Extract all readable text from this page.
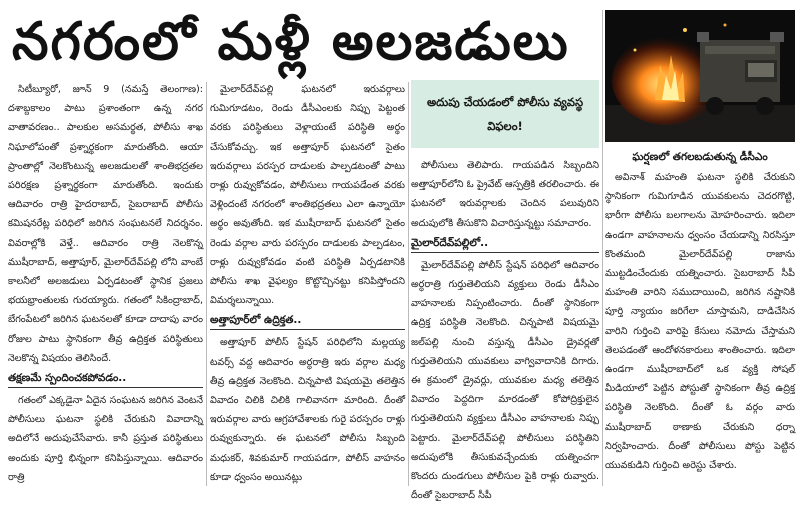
నగరంలో మళ్లీ అలజడులు
ఘర్షణలో తగలబడుతున్న డీసీఎం

సిటీబ్యూరో, జూన్ 9 (నమస్తే తెలంగాణ): దశాబ్దకాలం పాటు ప్రశాంతంగా ఉన్న నగర వాతావరణం.. పాలకుల అసమర్థత, పోలీసు శాఖ నిఘాలోపంతో ప్రశ్నార్థకంగా మారుతోంది. ఆయా ప్రాంతాల్లో నెలకొంటున్న అలజడులతో శాంతిభద్రతల పరిరక్షణ ప్రశ్నార్థకంగా మారుతోంది. ఇందుకు ఆదివారం రాత్రి హైదరాబాద్, సైబరాబాద్ పోలీసు కమిషనరేట్ల పరిధిలో జరిగిన సంఘటనలే నిదర్శనం. వివరాల్లోకి వెళ్తే.. ఆదివారం రాత్రి నెలకొన్న ముషీరాబాద్, అత్తాపూర్, మైలార్‌దేవ్‌పల్లి లోని వాంబే కాలనీలో అలజడులు ఏర్పడటంతో స్థానిక ప్రజలు భయభ్రాంతులకు గురయ్యారు. గతంలో సికింద్రాబాద్, బేగంపేటలో జరిగిన ఘటనలతో కూడా దాదాపు వారం రోజుల పాటు స్థానికంగా తీవ్ర ఉద్రిక్తత పరిస్థితులు నెలకొన్న విషయం తెలిసిందే.

తక్షణమే స్పందించకపోవడం..

గతంలో ఎక్కడైనా ఏదైన సంఘటన జరిగిన వెంటనే పోలీసులు ఘటనా స్థలికి చేరుకుని వివాదాన్ని అదిలోనే అదుపుచేసేవారు. కానీ ప్రస్తుత పరిస్థితులు అందుకు పూర్తి భిన్నంగా కనిపిస్తున్నాయి. ఆదివారం రాత్రి

మైలార్‌దేవ్‌పల్లి ఘటనలో ఇరువర్గాలు గుమిగూడటం, రెండు డీసీఎంలకు నిప్పు పెట్టంత వరకు పరిస్థితులు వెళ్లాయంటే పరిస్థితి అర్థం చేసుకోవచ్చు. ఇక అత్తాపూర్ ఘటనలో సైతం ఇరువర్గాలు పరస్పర దాడులకు పాల్పడటంతో పాటు రాళ్లు రువ్వుకోవడం, పోలీసులు గాయపడేంత వరకు వెళ్లిందంటే నగరంలో శాంతిభద్రతలు ఎలా ఉన్నాయో అర్థం అవుతోంది. ఇక ముషీరాబాద్ ఘటనలో సైతం రెండు వర్గాల వారు పరస్పరం దాడులకు పాల్పడటం, రాళ్లు రువ్వుకోవడం వంటి పరిస్థితి ఏర్పడటానికి పోలీసు శాఖ వైఫల్యం కొట్టొచ్చినట్టు కనిపిస్తోందని విమర్శలున్నాయి.

అత్తాపూర్‌లో ఉద్రిక్తత..

అత్తాపూర్ పోలీస్ స్టేషన్ పరిధిలోని మల్లయ్య టవర్స్ వద్ద ఆదివారం అర్ధరాత్రి ఇరు వర్గాల మధ్య తీవ్ర ఉద్రిక్తత నెలకొంది. చిన్నపాటి విషయమై తలెత్తిన వివాదం చిలికి చిలికి గాలివానగా మారింది. దీంతో ఇరువర్గాల వారు ఆగ్రహావేశాలకు గురై పరస్పరం రాళ్లు రువ్వుకున్నారు. ఈ ఘటనలో పోలీసు సిబ్బంది మధుకర్, శివకుమార్ గాయపడగా, పోలీస్ వాహనం కూడా ధ్వంసం అయినట్లు

అదుపు చేయడంలో పోలీసు వ్యవస్థ విఫలం!

పోలీసులు తెలిపారు. గాయపడిన సిబ్బందిని అత్తాపూర్‌లోని ఓ ప్రైవేట్ ఆస్పత్రికి తరలించారు. ఈ ఘటనలో ఇరువర్గాలకు చెందిన పలువురిని అదుపులోకి తీసుకొని విచారిస్తున్నట్టు సమాచారం.

మైలార్‌దేవ్‌పల్లిలో..

మైలార్‌దేవ్‌పల్లి పోలీస్ స్టేషన్ పరిధిలో ఆదివారం అర్ధరాత్రి గుర్తుతెలియని వ్యక్తులు రెండు డీసీఎం వాహనాలకు నిప్పంటించారు. దీంతో స్థానికంగా ఉద్రిక్త పరిస్థితి నెలకొంది. చిన్నపాటి విషయమై జల్‌పల్లి నుంచి వస్తున్న డీసీఎం డ్రైవర్లతో గుర్తుతెలియని యువకులు వాగ్వివాదానికి దిగారు. ఈ క్రమంలో డ్రైవర్లు, యువకుల మధ్య తలెత్తిన వివాదం పెద్దదిగా మారడంతో కోపోద్రిక్తులైన గుర్తుతెలియని వ్యక్తులు డీసీఎం వాహనాలకు నిప్పు పెట్టారు. మైలార్‌దేవ్‌పల్లి పోలీసులు పరిస్థితిని అదుపులోకి తీసుకువచ్చేందుకు యత్నించగా కొందరు దుండగులు పోలీసుల పైకి రాళ్లు రువ్వారు. దీంతో సైబరాబాద్ సీపీ

అవినాశ్ మహంతి ఘటనా స్థలికి చేరుకుని స్థానికంగా గుమిగూడిన యువకులను చెదరగొట్టి, భారీగా పోలీసు బలగాలను మోహరించారు. ఇదిలా ఉండగా వాహనాలను ధ్వంసం చేయడాన్ని నిరసిస్తూ కొంతమంది మైలార్‌దేవ్‌పల్లి రాజాను ముట్టడించేందుకు యత్నించారు. సైబరాబాద్ సీపీ మహంతి వారిని సముదాయించి, జరిగిన నష్టానికి పూర్తి న్యాయం జరిగేలా చూస్తామని, దాడిచేసిన వారిని గుర్తించి వారిపై కేసులు నమోదు చేస్తామని తెలపడంతో ఆందోళనకారులు శాంతించారు. ఇదిలా ఉండగా ముషీరాబాద్‌లో ఒక వ్యక్తి సోషల్ మీడియాలో పెట్టిన పోస్టుతో స్థానికంగా తీవ్ర ఉద్రిక్త పరిస్థితి నెలకొంది. దీంతో ఓ వర్గం వారు ముషీరాబాద్ ఠాణాకు చేరుకుని ధర్నా నిర్వహించారు. దీంతో పోలీసులు పోస్టు పెట్టిన యువకుడిని గుర్తించి అరెస్టు చేశారు.
